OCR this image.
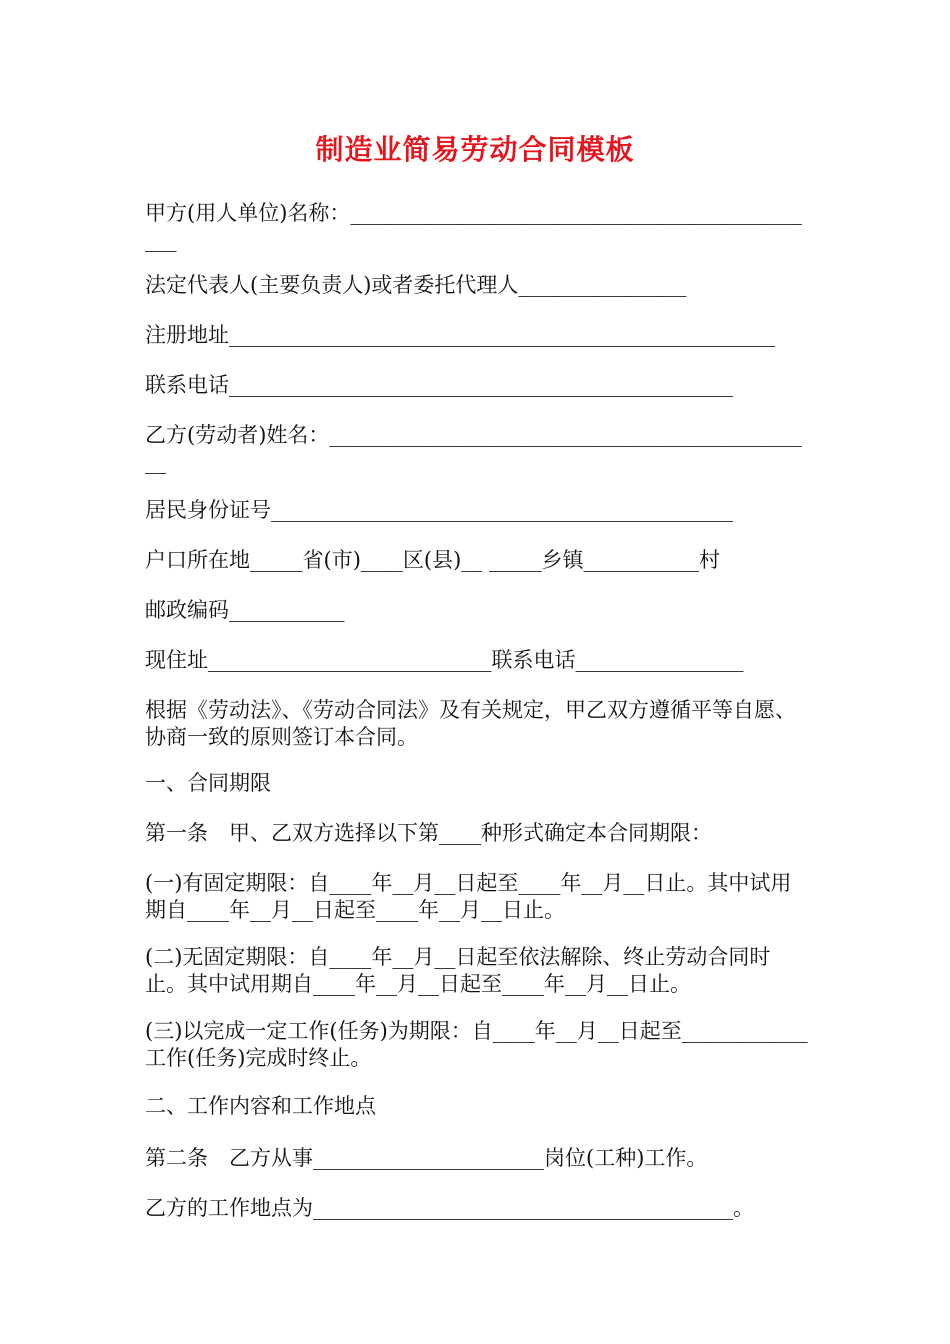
制造业简易劳动合同模板
甲方(用人单位)名称：______________________________________________
法定代表人(主要负责人)或者委托代理人________________
注册地址____________________________________________________
联系电话________________________________________________
乙方(劳动者)姓名：_______________________________________________
居民身份证号____________________________________________
户口所在地_____省(市)____区(县)__ _____乡镇___________村
邮政编码___________
现住址___________________________联系电话________________
根据《劳动法》、《劳动合同法》及有关规定，甲乙双方遵循平等自愿、协商一致的原则签订本合同。
一、合同期限
第一条　甲、乙双方选择以下第____种形式确定本合同期限：
(一)有固定期限：自____年__月__日起至____年__月__日止。其中试用期自____年__月__日起至____年__月__日止。
(二)无固定期限：自____年__月__日起至依法解除、终止劳动合同时止。其中试用期自____年__月__日起至____年__月__日止。
(三)以完成一定工作(任务)为期限：自____年__月__日起至____________工作(任务)完成时终止。
二、工作内容和工作地点
第二条　乙方从事______________________岗位(工种)工作。
乙方的工作地点为________________________________________。
